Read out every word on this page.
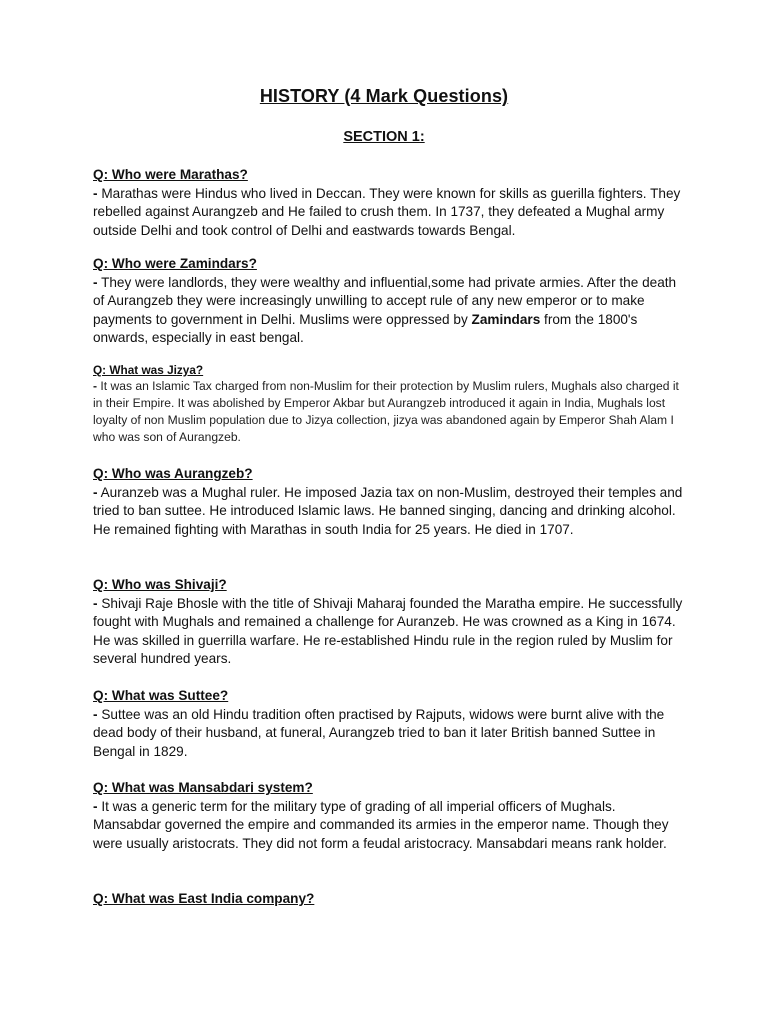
HISTORY (4 Mark Questions)
SECTION 1:

Q: Who were Marathas?

- Marathas were Hindus who lived in Deccan. They were known for skills as guerilla fighters. They rebelled against Aurangzeb and He failed to crush them. In 1737, they defeated a Mughal army outside Delhi and took control of Delhi and eastwards towards Bengal.

Q: Who were Zamindars?

- They were landlords, they were wealthy and influential,some had private armies. After the death of Aurangzeb they were increasingly unwilling to accept rule of any new emperor or to make payments to government in Delhi. Muslims were oppressed by Zamindars from the 1800's onwards, especially in east bengal.

Q: What was Jizya?

- It was an Islamic Tax charged from non-Muslim for their protection by Muslim rulers, Mughals also charged it in their Empire. It was abolished by Emperor Akbar but Aurangzeb introduced it again in India, Mughals lost loyalty of non Muslim population due to Jizya collection, jizya was abandoned again by Emperor Shah Alam I who was son of Aurangzeb.

Q: Who was Aurangzeb?

- Auranzeb was a Mughal ruler. He imposed Jazia tax on non-Muslim, destroyed their temples and tried to ban suttee. He introduced Islamic laws. He banned singing, dancing and drinking alcohol. He remained fighting with Marathas in south India for 25 years. He died in 1707.

Q: Who was Shivaji?

- Shivaji Raje Bhosle with the title of Shivaji Maharaj founded the Maratha empire. He successfully fought with Mughals and remained a challenge for Auranzeb. He was crowned as a King in 1674. He was skilled in guerrilla warfare. He re-established Hindu rule in the region ruled by Muslim for several hundred years.

Q: What was Suttee?

- Suttee was an old Hindu tradition often practised by Rajputs, widows were burnt alive with the dead body of their husband, at funeral, Aurangzeb tried to ban it later British banned Suttee in Bengal in 1829.

Q: What was Mansabdari system?

- It was a generic term for the military type of grading of all imperial officers of Mughals. Mansabdar governed the empire and commanded its armies in the emperor name. Though they were usually aristocrats. They did not form a feudal aristocracy. Mansabdari means rank holder.

Q: What was East India company?
